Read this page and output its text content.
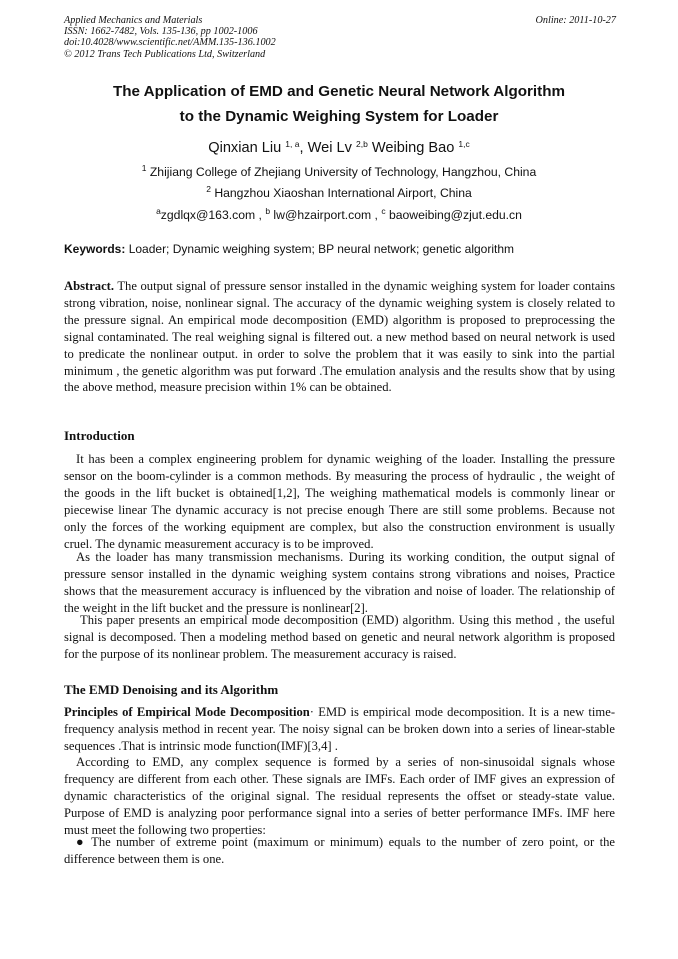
Applied Mechanics and Materials
ISSN: 1662-7482, Vols. 135-136, pp 1002-1006
doi:10.4028/www.scientific.net/AMM.135-136.1002
© 2012 Trans Tech Publications Ltd, Switzerland
Online: 2011-10-27
The Application of EMD and Genetic Neural Network Algorithm
to the Dynamic Weighing System for Loader
Qinxian Liu $^{1, a}$, Wei Lv $^{2,b}$ Weibing Bao $^{1,c}$
$^1$ Zhijiang College of Zhejiang University of Technology, Hangzhou, China
$^2$ Hangzhou Xiaoshan International Airport, China
$^a$zgdlqx@163.com , $^b$ lw@hzairport.com , $^c$ baoweibing@zjut.edu.cn
Keywords: Loader; Dynamic weighing system; BP neural network; genetic algorithm

Abstract. The output signal of pressure sensor installed in the dynamic weighing system for loader contains strong vibration, noise, nonlinear signal. The accuracy of the dynamic weighing system is closely related to the pressure signal. An empirical mode decomposition (EMD) algorithm is proposed to preprocessing the signal contaminated. The real weighing signal is filtered out. a new method based on neural network is used to predicate the nonlinear output. in order to solve the problem that it was easily to sink into the partial minimum , the genetic algorithm was put forward .The emulation analysis and the results show that by using the above method, measure precision within 1% can be obtained.

Introduction

It has been a complex engineering problem for dynamic weighing of the loader. Installing the pressure sensor on the boom-cylinder is a common methods. By measuring the process of hydraulic , the weight of the goods in the lift bucket is obtained[1,2], The weighing mathematical models is commonly linear or piecewise linear The dynamic accuracy is not precise enough There are still some problems. Because not only the forces of the working equipment are complex, but also the construction environment is usually cruel. The dynamic measurement accuracy is to be improved.

As the loader has many transmission mechanisms. During its working condition, the output signal of pressure sensor installed in the dynamic weighing system contains strong vibrations and noises, Practice shows that the measurement accuracy is influenced by the vibration and noise of loader. The relationship of the weight in the lift bucket and the pressure is nonlinear[2].

This paper presents an empirical mode decomposition (EMD) algorithm. Using this method , the useful signal is decomposed. Then a modeling method based on genetic and neural network algorithm is proposed for the purpose of its nonlinear problem. The measurement accuracy is raised.

The EMD Denoising and its Algorithm

Principles of Empirical Mode Decomposition· EMD is empirical mode decomposition. It is a new time-frequency analysis method in recent year. The noisy signal can be broken down into a series of linear-stable sequences .That is intrinsic mode function(IMF)[3,4] .

According to EMD, any complex sequence is formed by a series of non-sinusoidal signals whose frequency are different from each other. These signals are IMFs. Each order of IMF gives an expression of dynamic characteristics of the original signal. The residual represents the offset or steady-state value. Purpose of EMD is analyzing poor performance signal into a series of better performance IMFs. IMF here must meet the following two properties:

● The number of extreme point (maximum or minimum) equals to the number of zero point, or the difference between them is one.
